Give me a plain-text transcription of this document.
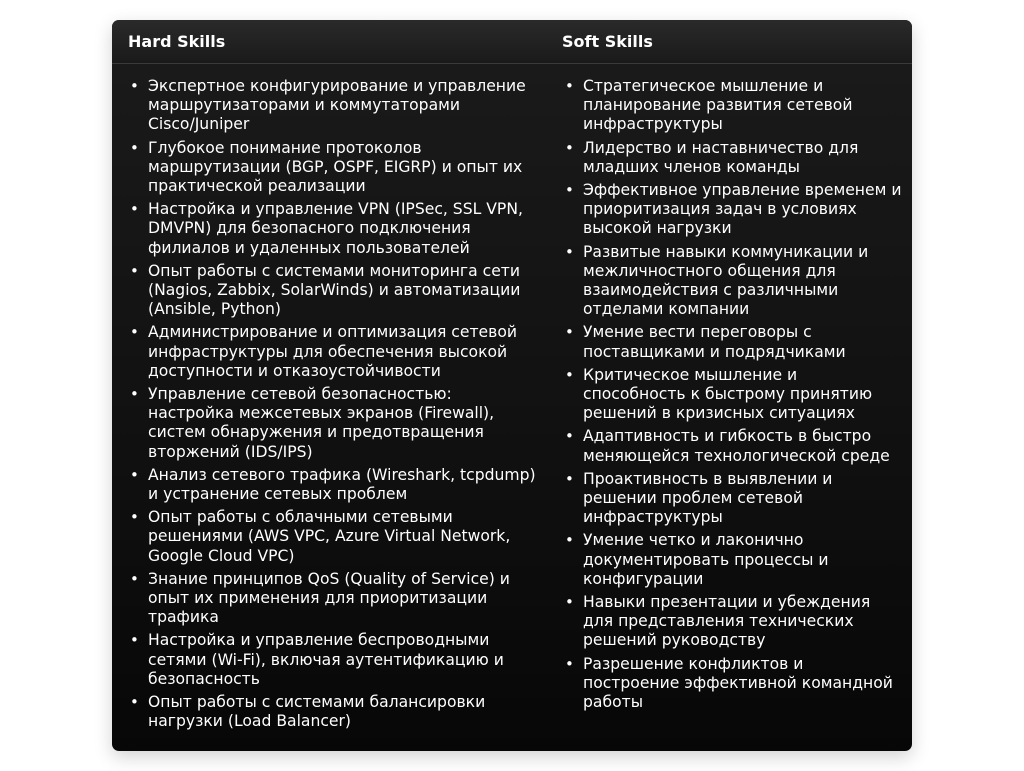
Hard Skills	Soft Skills
• Экспертное конфигурирование и управление маршрутизаторами и коммутаторами Cisco/Juniper
• Глубокое понимание протоколов маршрутизации (BGP, OSPF, EIGRP) и опыт их практической реализации
• Настройка и управление VPN (IPSec, SSL VPN, DMVPN) для безопасного подключения филиалов и удаленных пользователей
• Опыт работы с системами мониторинга сети (Nagios, Zabbix, SolarWinds) и автоматизации (Ansible, Python)
• Администрирование и оптимизация сетевой инфраструктуры для обеспечения высокой доступности и отказоустойчивости
• Управление сетевой безопасностью: настройка межсетевых экранов (Firewall), систем обнаружения и предотвращения вторжений (IDS/IPS)
• Анализ сетевого трафика (Wireshark, tcpdump) и устранение сетевых проблем
• Опыт работы с облачными сетевыми решениями (AWS VPC, Azure Virtual Network, Google Cloud VPC)
• Знание принципов QoS (Quality of Service) и опыт их применения для приоритизации трафика
• Настройка и управление беспроводными сетями (Wi-Fi), включая аутентификацию и безопасность
• Опыт работы с системами балансировки нагрузки (Load Balancer)
• Стратегическое мышление и планирование развития сетевой инфраструктуры
• Лидерство и наставничество для младших членов команды
• Эффективное управление временем и приоритизация задач в условиях высокой нагрузки
• Развитые навыки коммуникации и межличностного общения для взаимодействия с различными отделами компании
• Умение вести переговоры с поставщиками и подрядчиками
• Критическое мышление и способность к быстрому принятию решений в кризисных ситуациях
• Адаптивность и гибкость в быстро меняющейся технологической среде
• Проактивность в выявлении и решении проблем сетевой инфраструктуры
• Умение четко и лаконично документировать процессы и конфигурации
• Навыки презентации и убеждения для представления технических решений руководству
• Разрешение конфликтов и построение эффективной командной работы
